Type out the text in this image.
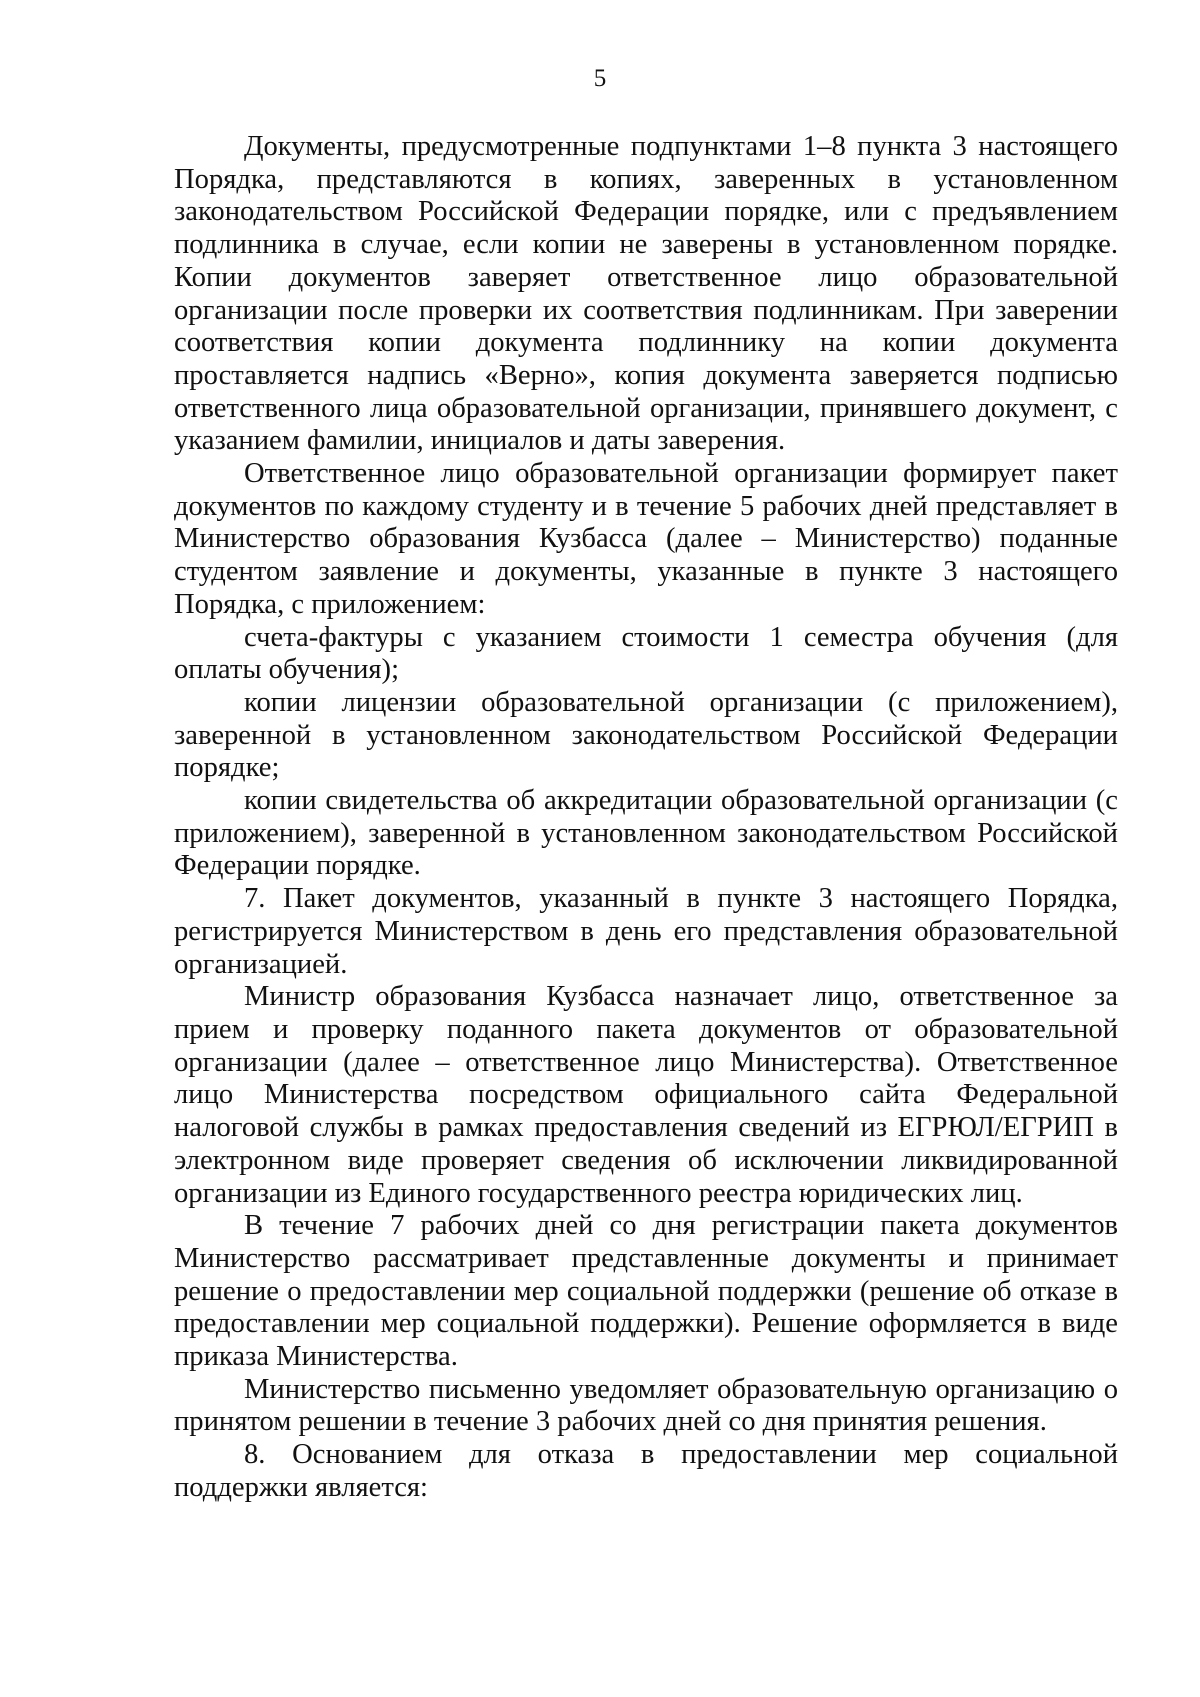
5

Документы, предусмотренные подпунктами 1–8 пункта 3 настоящего Порядка, представляются в копиях, заверенных в установленном законодательством Российской Федерации порядке, или с предъявлением подлинника в случае, если копии не заверены в установленном порядке. Копии документов заверяет ответственное лицо образовательной организации после проверки их соответствия подлинникам. При заверении соответствия копии документа подлиннику на копии документа проставляется надпись «Верно», копия документа заверяется подписью ответственного лица образовательной организации, принявшего документ, с указанием фамилии, инициалов и даты заверения.

Ответственное лицо образовательной организации формирует пакет документов по каждому студенту и в течение 5 рабочих дней представляет в Министерство образования Кузбасса (далее – Министерство) поданные студентом заявление и документы, указанные в пункте 3 настоящего Порядка, с приложением:

счета-фактуры с указанием стоимости 1 семестра обучения (для оплаты обучения);

копии лицензии образовательной организации (с приложением), заверенной в установленном законодательством Российской Федерации порядке;

копии свидетельства об аккредитации образовательной организации (с приложением), заверенной в установленном законодательством Российской Федерации порядке.

7. Пакет документов, указанный в пункте 3 настоящего Порядка, регистрируется Министерством в день его представления образовательной организацией.

Министр образования Кузбасса назначает лицо, ответственное за прием и проверку поданного пакета документов от образовательной организации (далее – ответственное лицо Министерства). Ответственное лицо Министерства посредством официального сайта Федеральной налоговой службы в рамках предоставления сведений из ЕГРЮЛ/ЕГРИП в электронном виде проверяет сведения об исключении ликвидированной организации из Единого государственного реестра юридических лиц.

В течение 7 рабочих дней со дня регистрации пакета документов Министерство рассматривает представленные документы и принимает решение о предоставлении мер социальной поддержки (решение об отказе в предоставлении мер социальной поддержки). Решение оформляется в виде приказа Министерства.

Министерство письменно уведомляет образовательную организацию о принятом решении в течение 3 рабочих дней со дня принятия решения.

8. Основанием для отказа в предоставлении мер социальной поддержки является:
